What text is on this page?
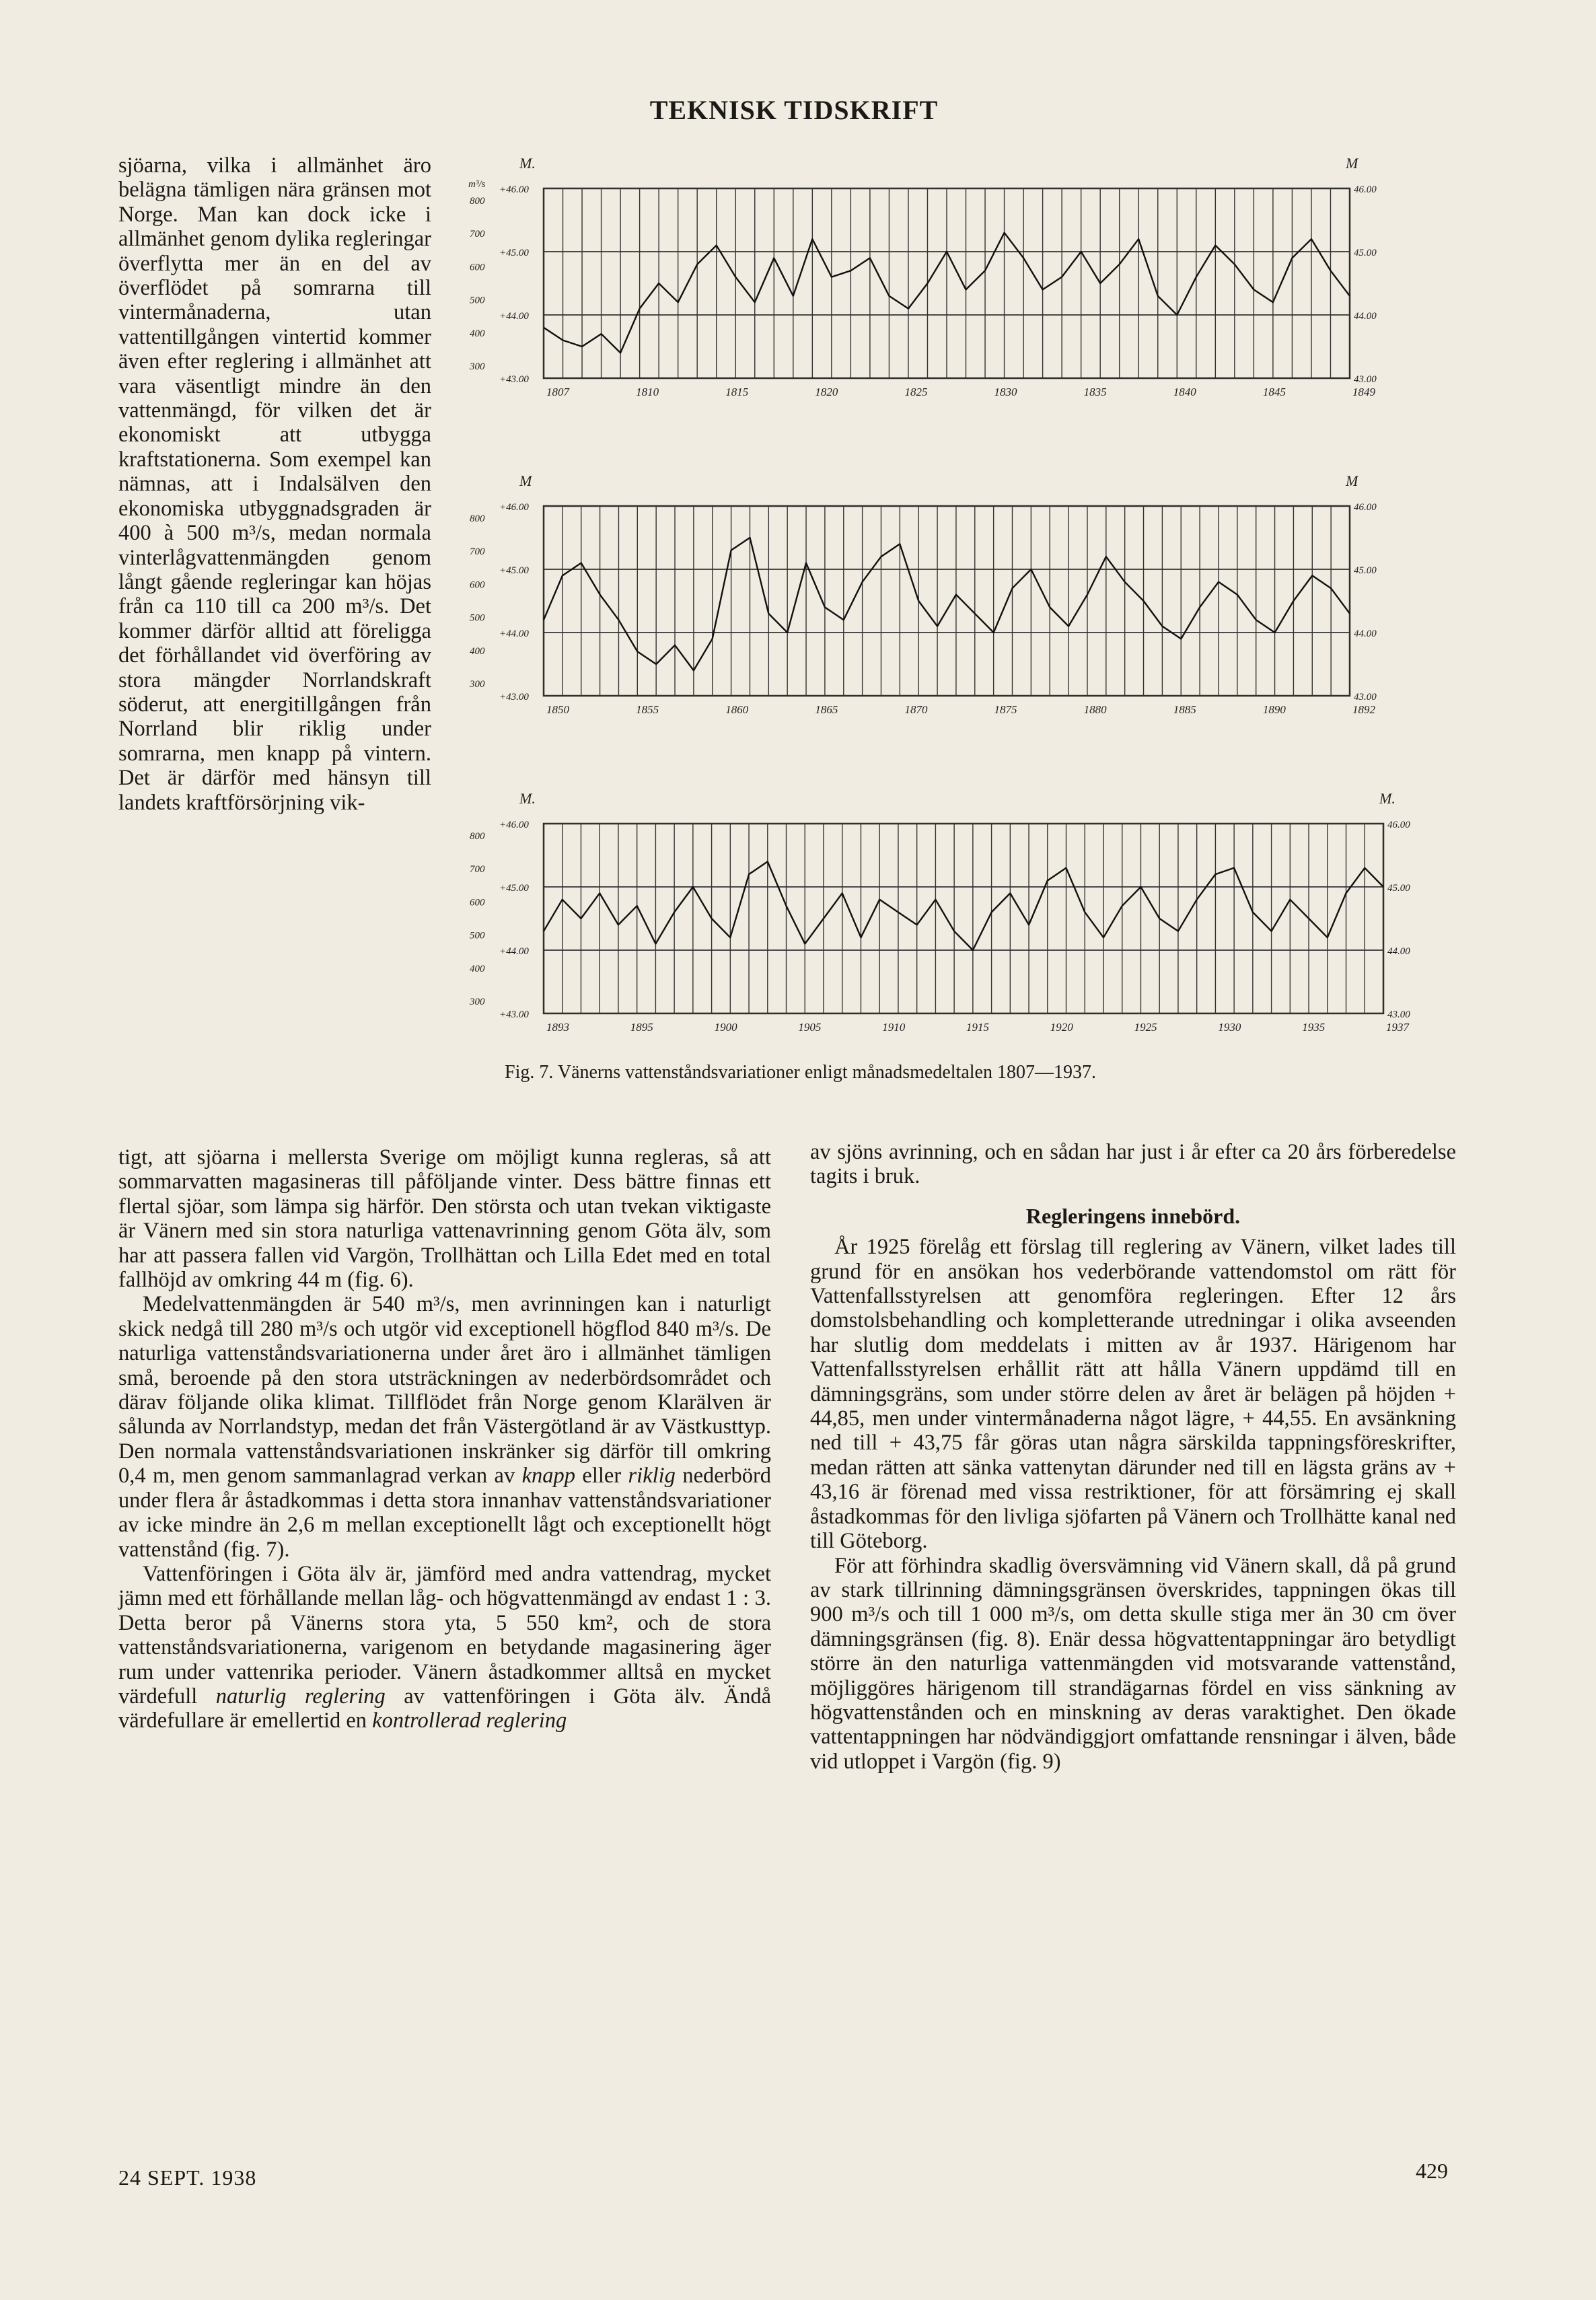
TEKNISK TIDSKRIFT
M.	M
+46.00
+45.00
+44.00
+43.00
46.00
45.00
44.00
43.00
800
700
600
500
400
300
m³/s
1807	1810	1815	1820	1825	1830	1835	1840	1845	1849
M	M
+46.00
+45.00
+44.00
+43.00
46.00
45.00
44.00
43.00
800
700
600
500
400
300
1850	1855	1860	1865	1870	1875	1880	1885	1890	1892
M.	M.
+46.00
+45.00
+44.00
+43.00
46.00
45.00
44.00
43.00
800
700
600
500
400
300
1893	1895	1900	1905	1910	1915	1920	1925	1930	1935	1937
Fig. 7. Vänerns vattenståndsvariationer enligt månadsmedeltalen 1807—1937.

sjöarna, vilka i allmänhet äro belägna tämligen nära gränsen mot Norge. Man kan dock icke i allmänhet genom dylika regleringar överflytta mer än en del av överflödet på somrarna till vintermånaderna, utan vattentillgången vintertid kommer även efter reglering i allmänhet att vara väsentligt mindre än den vattenmängd, för vilken det är ekonomiskt att utbygga kraftstationerna. Som exempel kan nämnas, att i Indalsälven den ekonomiska utbyggnadsgraden är 400 à 500 m³/s, medan normala vinterlågvattenmängden genom långt gående regleringar kan höjas från ca 110 till ca 200 m³/s. Det kommer därför alltid att föreligga det förhållandet vid överföring av stora mängder Norrlandskraft söderut, att energitillgången från Norrland blir riklig under somrarna, men knapp på vintern. Det är därför med hänsyn till landets kraftförsörjning vik-

tigt, att sjöarna i mellersta Sverige om möjligt kunna regleras, så att sommarvatten magasineras till påföljande vinter. Dess bättre finnas ett flertal sjöar, som lämpa sig härför. Den största och utan tvekan viktigaste är Vänern med sin stora naturliga vattenavrinning genom Göta älv, som har att passera fallen vid Vargön, Trollhättan och Lilla Edet med en total fallhöjd av omkring 44 m (fig. 6).

Medelvattenmängden är 540 m³/s, men avrinningen kan i naturligt skick nedgå till 280 m³/s och utgör vid exceptionell högflod 840 m³/s. De naturliga vattenståndsvariationerna under året äro i allmänhet tämligen små, beroende på den stora utsträckningen av nederbördsområdet och därav följande olika klimat. Tillflödet från Norge genom Klarälven är sålunda av Norrlandstyp, medan det från Västergötland är av Västkusttyp. Den normala vattenståndsvariationen inskränker sig därför till omkring 0,4 m, men genom sammanlagrad verkan av knapp eller riklig nederbörd under flera år åstadkommas i detta stora innanhav vattenståndsvariationer av icke mindre än 2,6 m mellan exceptionellt lågt och exceptionellt högt vattenstånd (fig. 7).

Vattenföringen i Göta älv är, jämförd med andra vattendrag, mycket jämn med ett förhållande mellan låg- och högvattenmängd av endast 1 : 3. Detta beror på Vänerns stora yta, 5 550 km², och de stora vattenståndsvariationerna, varigenom en betydande magasinering äger rum under vattenrika perioder. Vänern åstadkommer alltså en mycket värdefull naturlig reglering av vattenföringen i Göta älv. Ändå värdefullare är emellertid en kontrollerad reglering

av sjöns avrinning, och en sådan har just i år efter ca 20 års förberedelse tagits i bruk.

Regleringens innebörd.

År 1925 förelåg ett förslag till reglering av Vänern, vilket lades till grund för en ansökan hos vederbörande vattendomstol om rätt för Vattenfallsstyrelsen att genomföra regleringen. Efter 12 års domstolsbehandling och kompletterande utredningar i olika avseenden har slutlig dom meddelats i mitten av år 1937. Härigenom har Vattenfallsstyrelsen erhållit rätt att hålla Vänern uppdämd till en dämningsgräns, som under större delen av året är belägen på höjden + 44,85, men under vintermånaderna något lägre, + 44,55. En avsänkning ned till + 43,75 får göras utan några särskilda tappningsföreskrifter, medan rätten att sänka vattenytan därunder ned till en lägsta gräns av + 43,16 är förenad med vissa restriktioner, för att försämring ej skall åstadkommas för den livliga sjöfarten på Vänern och Trollhätte kanal ned till Göteborg.

För att förhindra skadlig översvämning vid Vänern skall, då på grund av stark tillrinning dämningsgränsen överskrides, tappningen ökas till 900 m³/s och till 1 000 m³/s, om detta skulle stiga mer än 30 cm över dämningsgränsen (fig. 8). Enär dessa högvattentappningar äro betydligt större än den naturliga vattenmängden vid motsvarande vattenstånd, möjliggöres härigenom till strandägarnas fördel en viss sänkning av högvattenstånden och en minskning av deras varaktighet. Den ökade vattentappningen har nödvändiggjort omfattande rensningar i älven, både vid utloppet i Vargön (fig. 9)

24 SEPT. 1938	429
